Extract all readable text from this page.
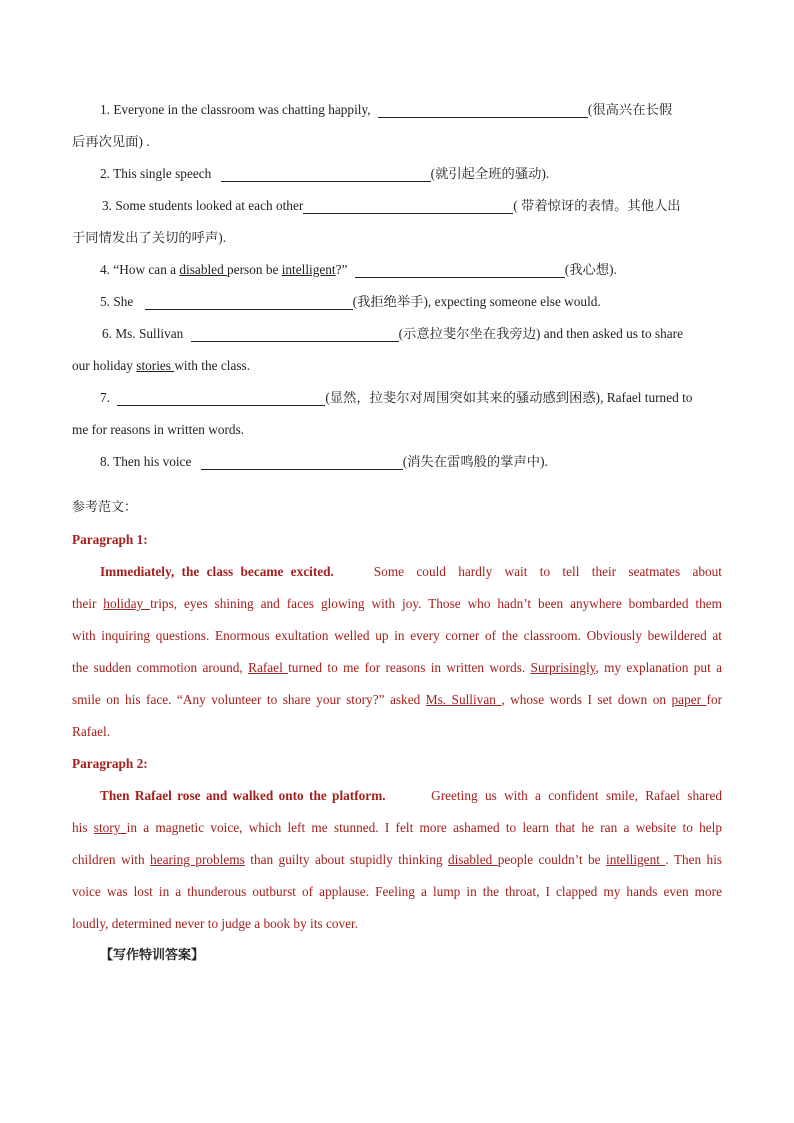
1. Everyone in the classroom was chatting happily,	(很高兴在长假
后再次见面) .
2. This single speech	(就引起全班的骚动).
3. Some students looked at each other	( 带着惊讶的表情。其他人出
于同情发出了关切的呼声).
4. “How can a disabled person be intelligent?”	(我心想).
5. She	(我拒绝举手), expecting someone else would.
6. Ms. Sullivan	(示意拉斐尔坐在我旁边) and then asked us to share
our holiday stories with the class.
7.	(显然，拉斐尔对周围突如其来的骚动感到困惑), Rafael turned to
me for reasons in written words.
8. Then his voice	(消失在雷鸣般的掌声中).
参考范文：
Paragraph 1:
Immediately, the class became excited.	Some could hardly wait to tell their seatmates about
their holiday trips, eyes shining and faces glowing with joy. Those who hadn’t been anywhere bombarded them
with inquiring questions. Enormous exultation welled up in every corner of the classroom. Obviously bewildered at
the sudden commotion around, Rafael turned to me for reasons in written words. Surprisingly, my explanation put a
smile on his face. “Any volunteer to share your story?” asked Ms. Sullivan , whose words I set down on paper for
Rafael.
Paragraph 2:
Then Rafael rose and walked onto the platform.	Greeting us with a confident smile, Rafael shared
his story in a magnetic voice, which left me stunned. I felt more ashamed to learn that he ran a website to help
children with hearing problems than guilty about stupidly thinking disabled people couldn’t be intelligent . Then his
voice was lost in a thunderous outburst of applause. Feeling a lump in the throat, I clapped my hands even more
loudly, determined never to judge a book by its cover.
【写作特训答案】
